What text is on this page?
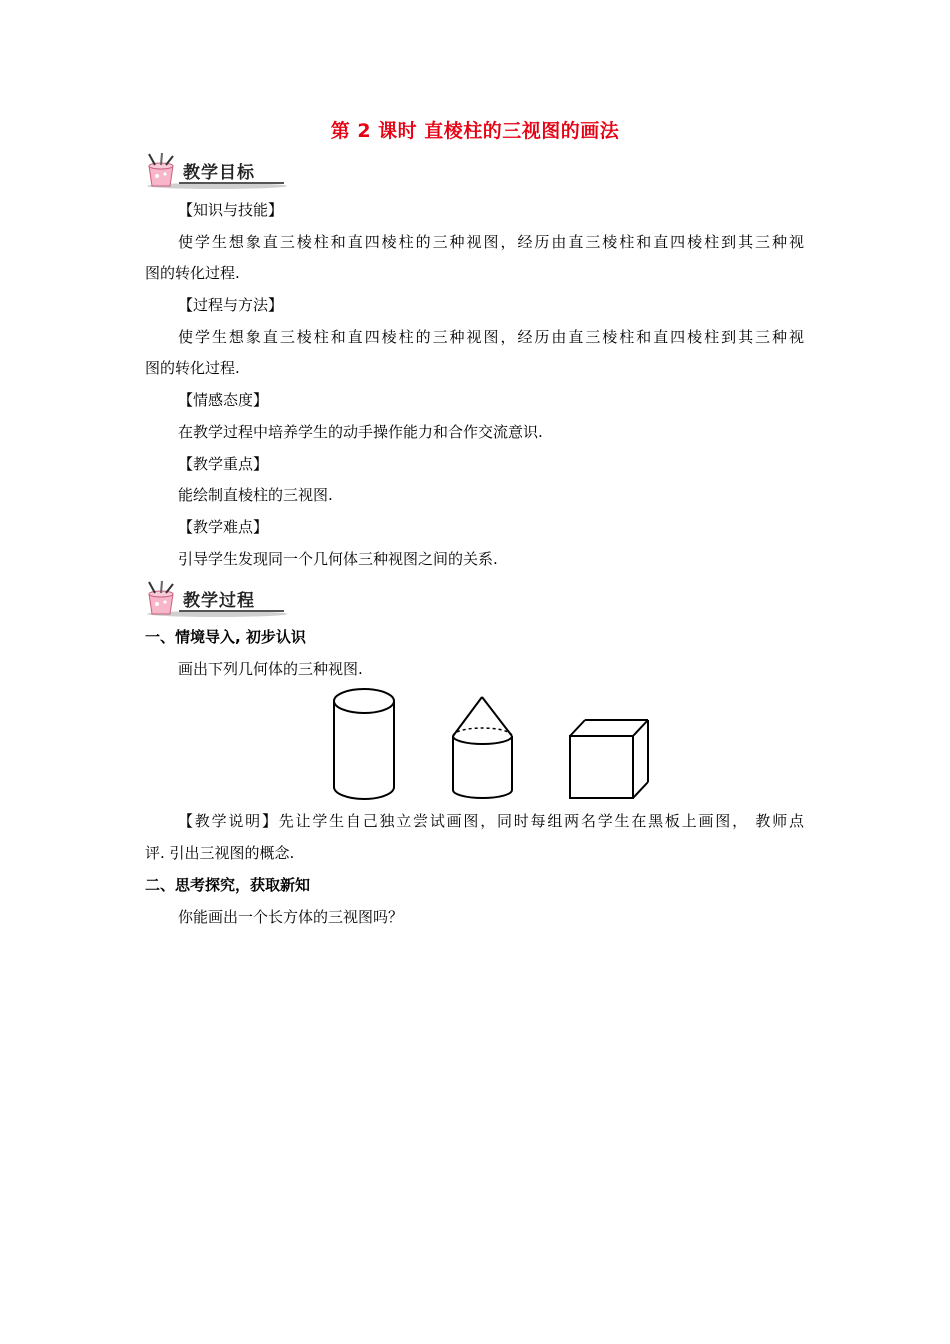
第 2 课时 直棱柱的三视图的画法
教学目标
【知识与技能】
使学生想象直三棱柱和直四棱柱的三种视图，经历由直三棱柱和直四棱柱到其三种视
图的转化过程.
【过程与方法】
使学生想象直三棱柱和直四棱柱的三种视图，经历由直三棱柱和直四棱柱到其三种视
图的转化过程.
【情感态度】
在教学过程中培养学生的动手操作能力和合作交流意识.
【教学重点】
能绘制直棱柱的三视图.
【教学难点】
引导学生发现同一个几何体三种视图之间的关系.
教学过程
一、情境导入, 初步认识
画出下列几何体的三种视图.
【教学说明】先让学生自己独立尝试画图，同时每组两名学生在黑板上画图， 教师点
评. 引出三视图的概念.
二、思考探究，获取新知
你能画出一个长方体的三视图吗？
